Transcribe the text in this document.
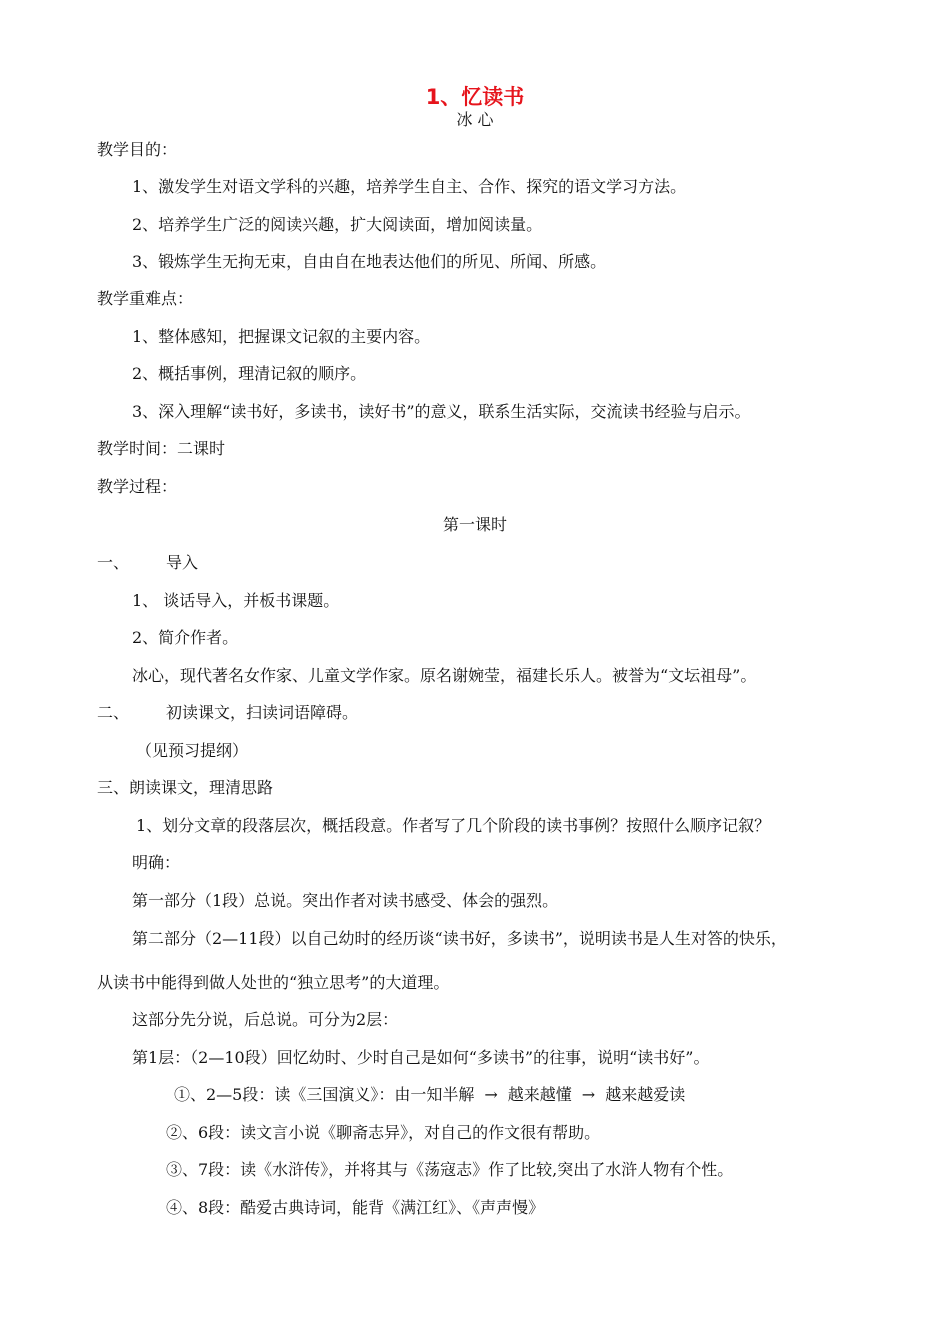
1、忆读书
冰 心
教学目的：
1、激发学生对语文学科的兴趣，培养学生自主、合作、探究的语文学习方法。
2、培养学生广泛的阅读兴趣，扩大阅读面，增加阅读量。
3、锻炼学生无拘无束，自由自在地表达他们的所见、所闻、所感。
教学重难点：
1、整体感知，把握课文记叙的主要内容。
2、概括事例，理清记叙的顺序。
3、深入理解“读书好，多读书，读好书”的意义，联系生活实际，交流读书经验与启示。
教学时间：二课时
教学过程：
第一课时
一、 导入
1、 谈话导入，并板书课题。
2、简介作者。
冰心，现代著名女作家、儿童文学作家。原名谢婉莹，福建长乐人。被誉为“文坛祖母”。
二、 初读课文，扫读词语障碍。
（见预习提纲）
三、朗读课文，理清思路
1、划分文章的段落层次，概括段意。作者写了几个阶段的读书事例？按照什么顺序记叙？
明确：
第一部分（1段）总说。突出作者对读书感受、体会的强烈。
第二部分（2—11段）以自己幼时的经历谈“读书好，多读书”，说明读书是人生对答的快乐，
从读书中能得到做人处世的“独立思考”的大道理。
这部分先分说，后总说。可分为2层：
第1层：（2—10段）回忆幼时、少时自己是如何“多读书”的往事，说明“读书好”。
①、2—5段：读《三国演义》：由一知半解 → 越来越懂 → 越来越爱读
②、6段：读文言小说《聊斋志异》，对自己的作文很有帮助。
③、7段：读《水浒传》，并将其与《荡寇志》作了比较,突出了水浒人物有个性。
④、8段：酷爱古典诗词，能背《满江红》、《声声慢》
